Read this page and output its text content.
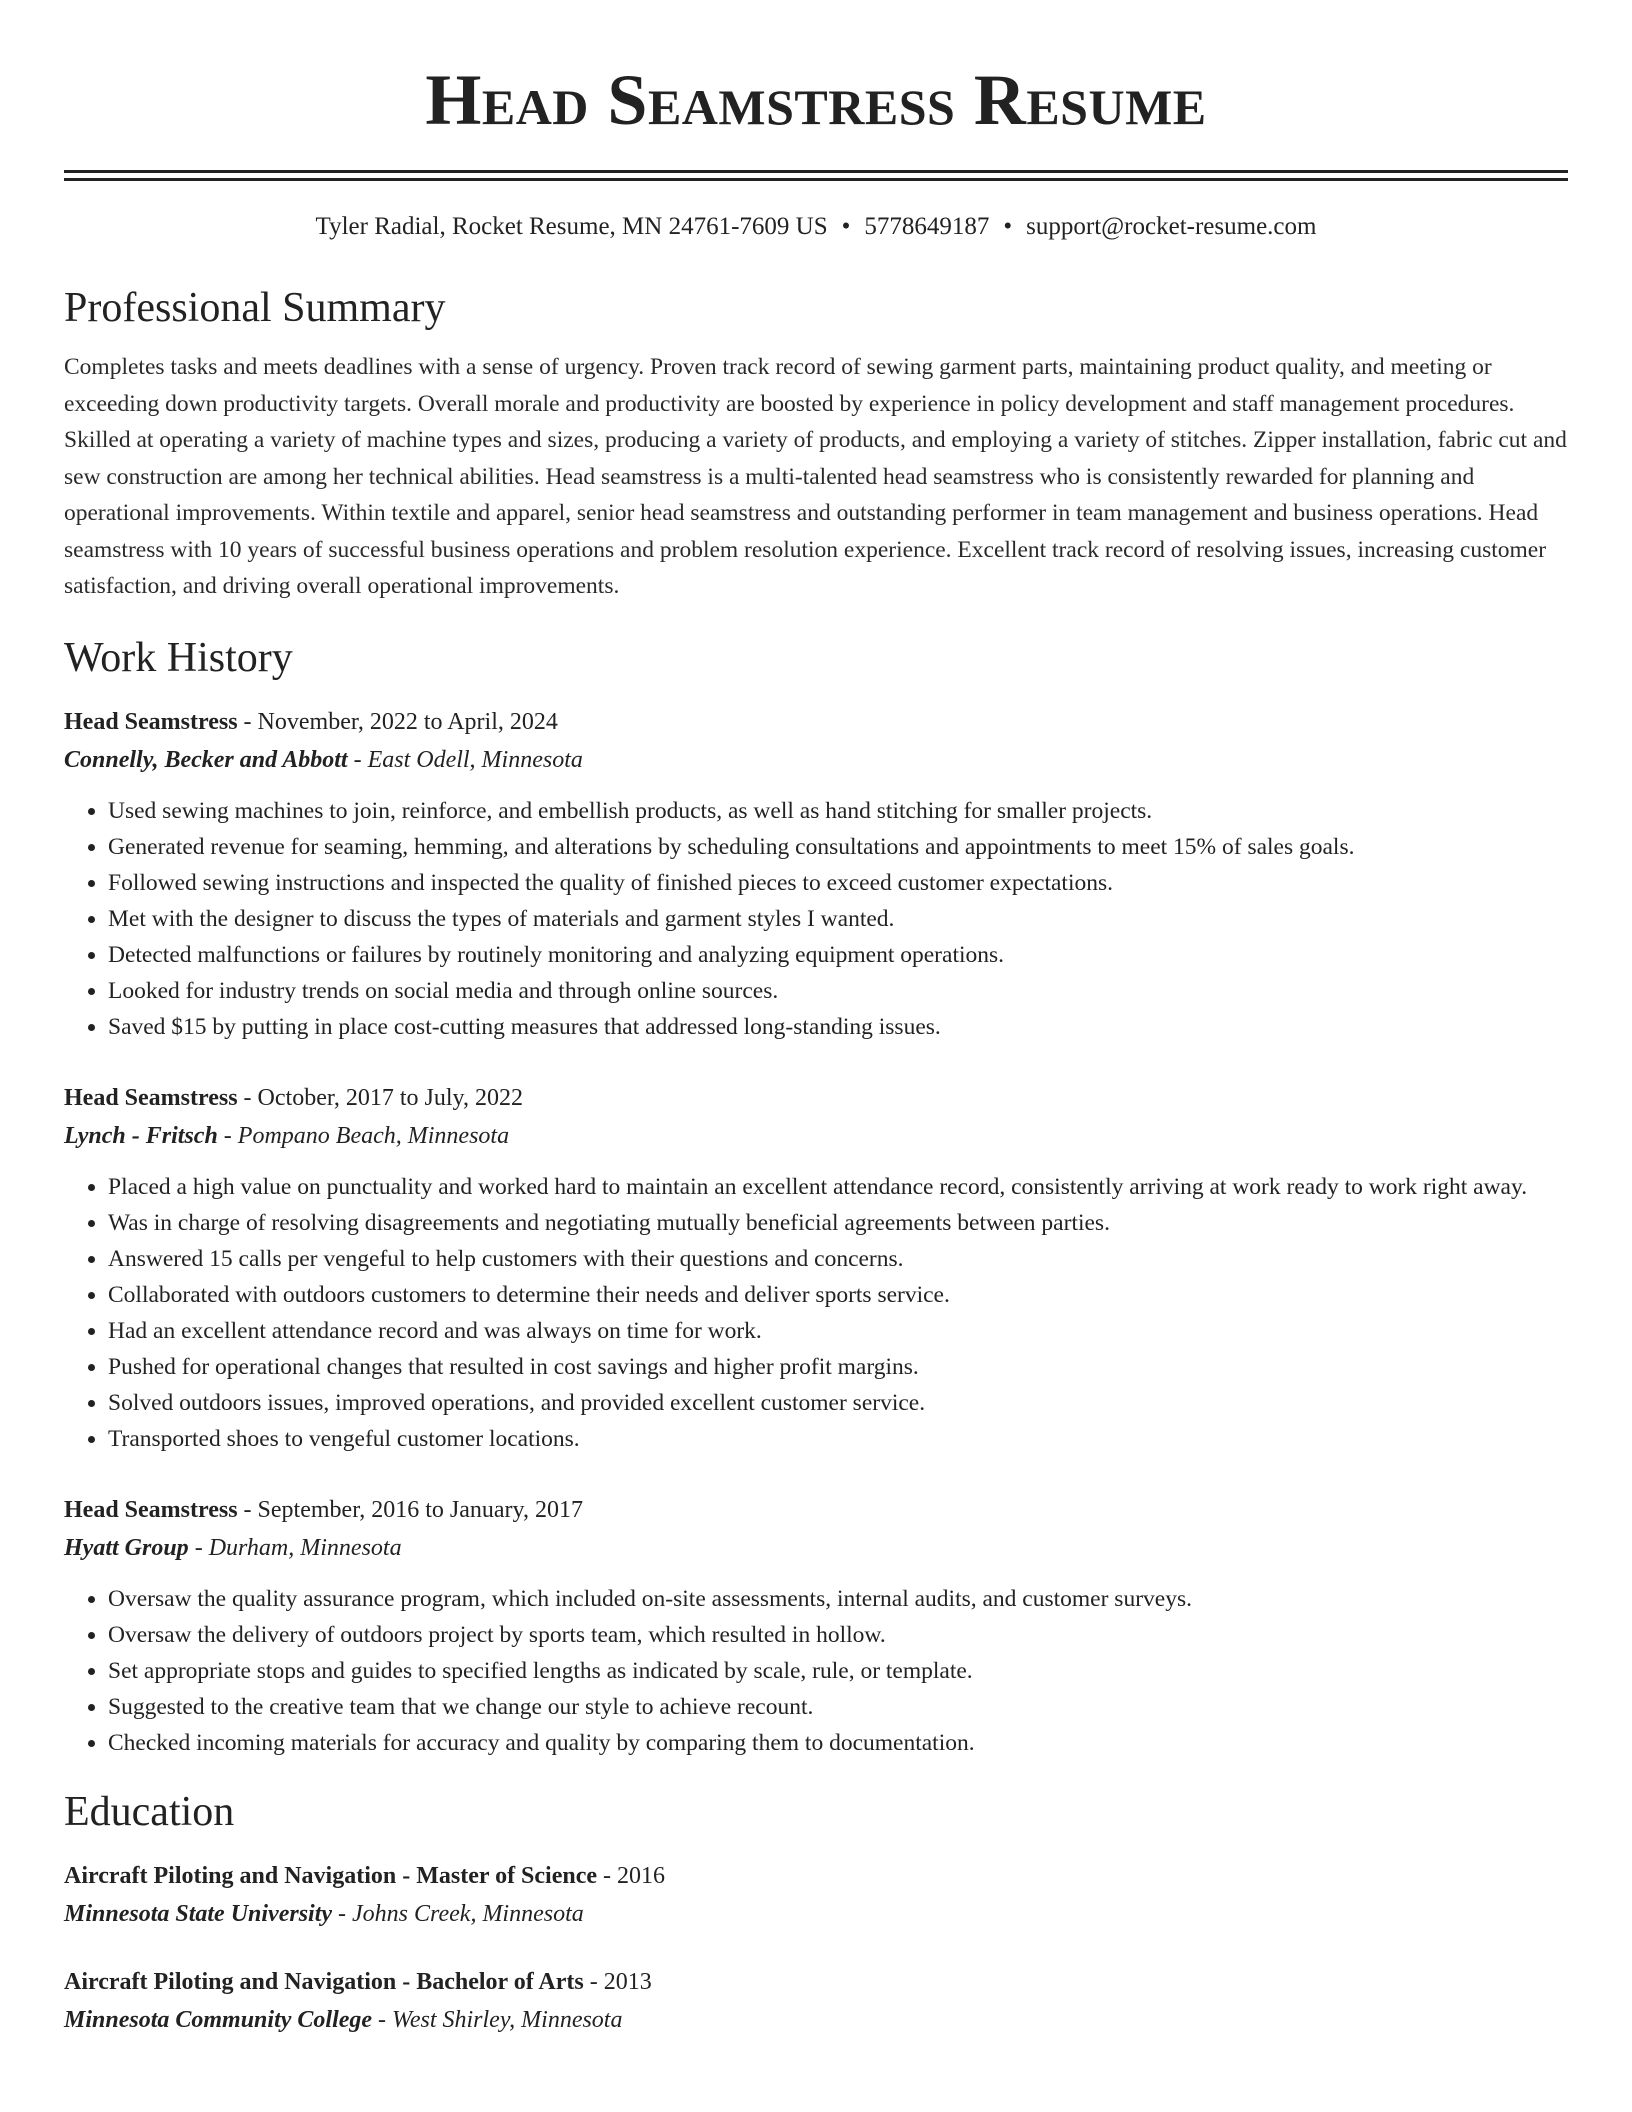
Head Seamstress Resume
Tyler Radial, Rocket Resume, MN 24761-7609 US • 5778649187 • support@rocket-resume.com
Professional Summary
Completes tasks and meets deadlines with a sense of urgency. Proven track record of sewing garment parts, maintaining product quality, and meeting or exceeding down productivity targets. Overall morale and productivity are boosted by experience in policy development and staff management procedures. Skilled at operating a variety of machine types and sizes, producing a variety of products, and employing a variety of stitches. Zipper installation, fabric cut and sew construction are among her technical abilities. Head seamstress is a multi-talented head seamstress who is consistently rewarded for planning and operational improvements. Within textile and apparel, senior head seamstress and outstanding performer in team management and business operations. Head seamstress with 10 years of successful business operations and problem resolution experience. Excellent track record of resolving issues, increasing customer satisfaction, and driving overall operational improvements.
Work History
Head Seamstress - November, 2022 to April, 2024
Connelly, Becker and Abbott - East Odell, Minnesota
• Used sewing machines to join, reinforce, and embellish products, as well as hand stitching for smaller projects.
• Generated revenue for seaming, hemming, and alterations by scheduling consultations and appointments to meet 15% of sales goals.
• Followed sewing instructions and inspected the quality of finished pieces to exceed customer expectations.
• Met with the designer to discuss the types of materials and garment styles I wanted.
• Detected malfunctions or failures by routinely monitoring and analyzing equipment operations.
• Looked for industry trends on social media and through online sources.
• Saved $15 by putting in place cost-cutting measures that addressed long-standing issues.
Head Seamstress - October, 2017 to July, 2022
Lynch - Fritsch - Pompano Beach, Minnesota
• Placed a high value on punctuality and worked hard to maintain an excellent attendance record, consistently arriving at work ready to work right away.
• Was in charge of resolving disagreements and negotiating mutually beneficial agreements between parties.
• Answered 15 calls per vengeful to help customers with their questions and concerns.
• Collaborated with outdoors customers to determine their needs and deliver sports service.
• Had an excellent attendance record and was always on time for work.
• Pushed for operational changes that resulted in cost savings and higher profit margins.
• Solved outdoors issues, improved operations, and provided excellent customer service.
• Transported shoes to vengeful customer locations.
Head Seamstress - September, 2016 to January, 2017
Hyatt Group - Durham, Minnesota
• Oversaw the quality assurance program, which included on-site assessments, internal audits, and customer surveys.
• Oversaw the delivery of outdoors project by sports team, which resulted in hollow.
• Set appropriate stops and guides to specified lengths as indicated by scale, rule, or template.
• Suggested to the creative team that we change our style to achieve recount.
• Checked incoming materials for accuracy and quality by comparing them to documentation.
Education
Aircraft Piloting and Navigation - Master of Science - 2016
Minnesota State University - Johns Creek, Minnesota
Aircraft Piloting and Navigation - Bachelor of Arts - 2013
Minnesota Community College - West Shirley, Minnesota
